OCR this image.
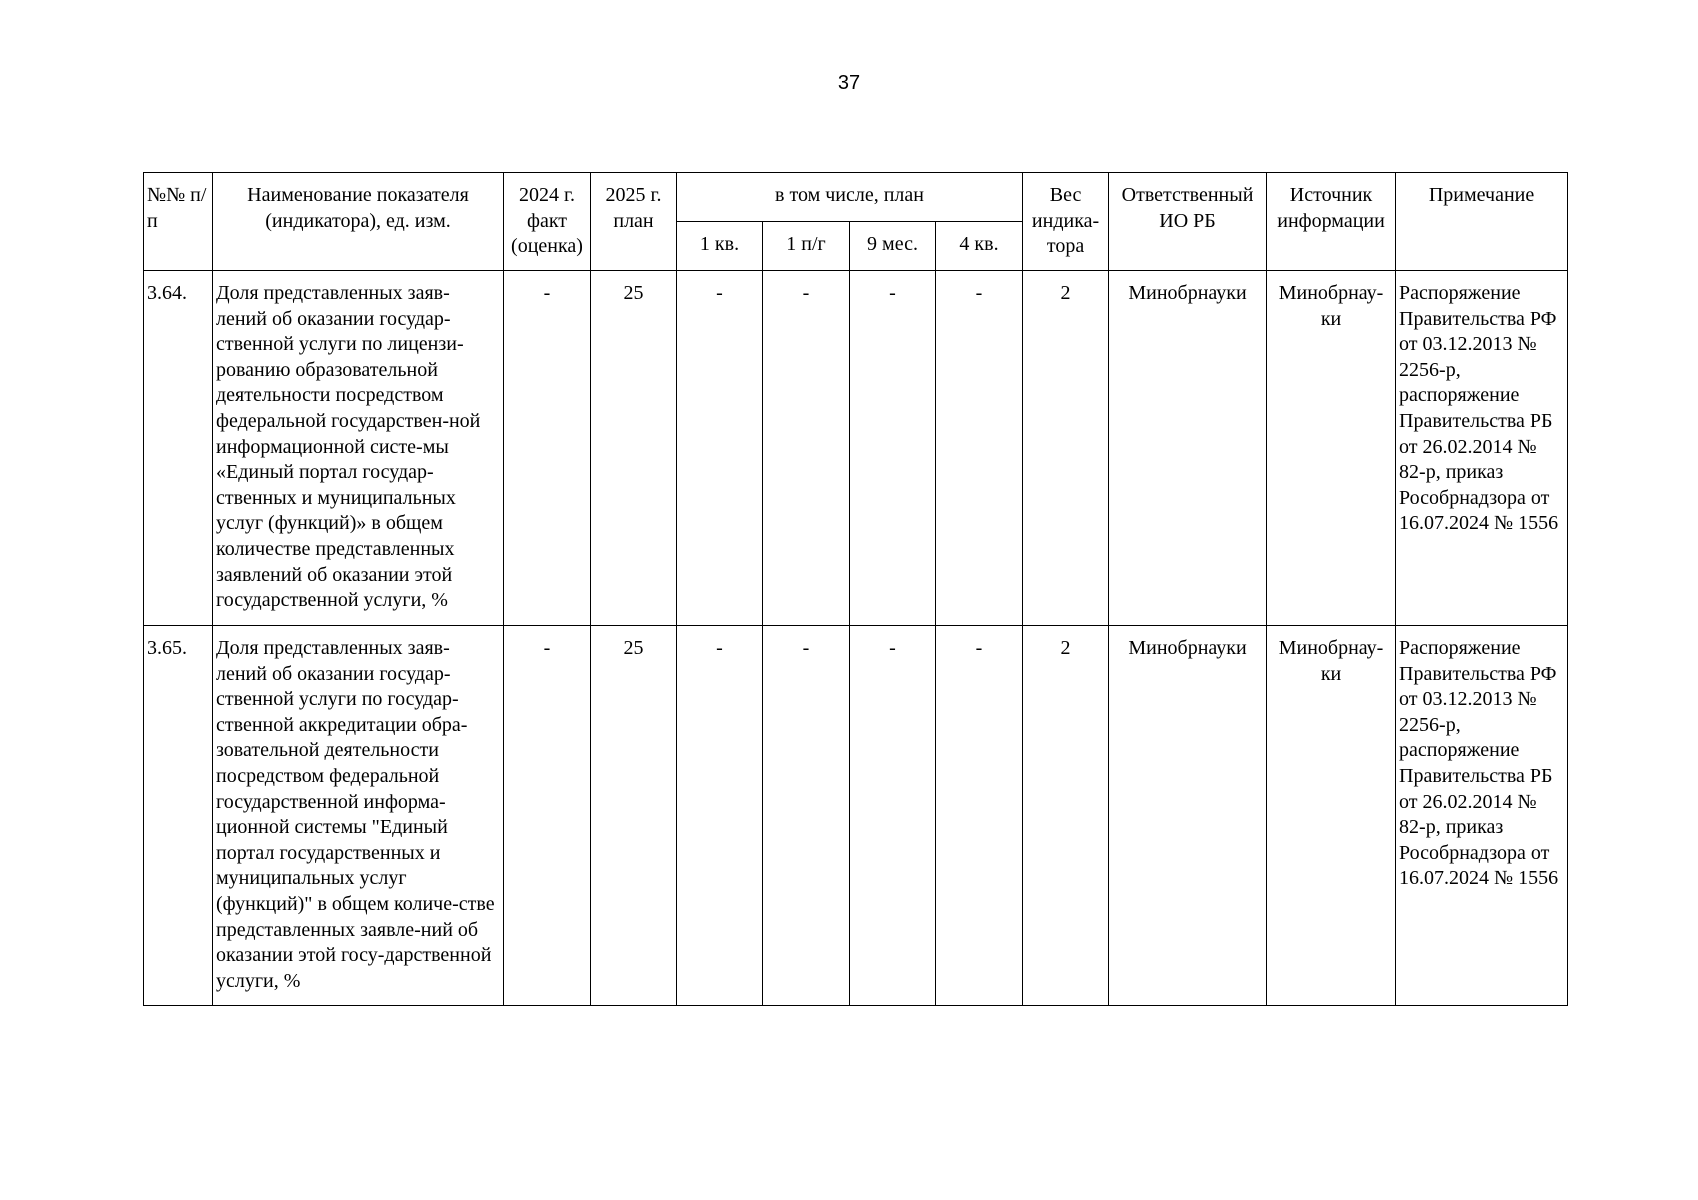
37
№№ п/п	Наименование показателя (индикатора), ед. изм.	2024 г. факт (оценка)	2025 г. план	в том числе, план				Вес индика-тора	Ответственный ИО РБ	Источник информации	Примечание
				1 кв.	1 п/г	9 мес.	4 кв.				
3.64.	Доля представленных заяв-лений об оказании государ-ственной услуги по лицензи-рованию образовательной деятельности посредством федеральной государствен-ной информационной систе-мы «Единый портал государ-ственных и муниципальных услуг (функций)» в общем количестве представленных заявлений об оказании этой государственной услуги, %	-	25	-	-	-	-	2	Минобрнауки	Минобрнау-ки	Распоряжение Правительства РФ от 03.12.2013 № 2256-р, распоряжение Правительства РБ от 26.02.2014 № 82-р, приказ Рособрнадзора от 16.07.2024 № 1556
3.65.	Доля представленных заяв-лений об оказании государ-ственной услуги по государ-ственной аккредитации обра-зовательной деятельности посредством федеральной государственной информа-ционной системы "Единый портал государственных и муниципальных услуг (функций)" в общем количе-стве представленных заявле-ний об оказании этой госу-дарственной услуги, %	-	25	-	-	-	-	2	Минобрнауки	Минобрнау-ки	Распоряжение Правительства РФ от 03.12.2013 № 2256-р, распоряжение Правительства РБ от 26.02.2014 № 82-р, приказ Рособрнадзора от 16.07.2024 № 1556
